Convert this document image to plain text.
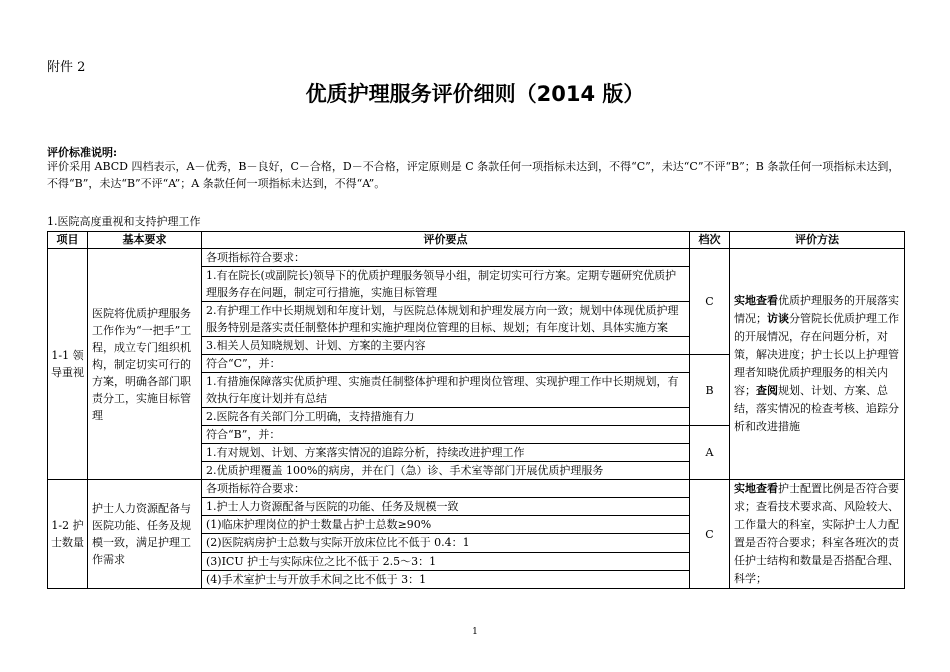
附件 2
优质护理服务评价细则（2014 版）
评价标准说明:
评价采用 ABCD 四档表示，A－优秀，B－良好，C－合格，D－不合格，评定原则是 C 条款任何一项指标未达到，不得“C”，未达“C”不评“B”；B 条款任何一项指标未达到，不得“B”，未达“B”不评“A”；A 条款任何一项指标未达到，不得“A”。
1.医院高度重视和支持护理工作
项目	基本要求	评价要点	档次	评价方法
1-1 领导重视	医院将优质护理服务工作作为“一把手”工程，成立专门组织机构，制定切实可行的方案，明确各部门职责分工，实施目标管理	各项指标符合要求：	C	实地查看优质护理服务的开展落实情况；访谈分管院长优质护理工作的开展情况，存在问题分析，对策，解决进度；护士长以上护理管理者知晓优质护理服务的相关内容；查阅规划、计划、方案、总结，落实情况的检查考核、追踪分析和改进措施
		1.有在院长(或副院长)领导下的优质护理服务领导小组，制定切实可行方案。定期专题研究优质护理服务存在问题，制定可行措施，实施目标管理		
		2.有护理工作中长期规划和年度计划，与医院总体规划和护理发展方向一致；规划中体现优质护理服务特别是落实责任制整体护理和实施护理岗位管理的目标、规划；有年度计划、具体实施方案		
		3.相关人员知晓规划、计划、方案的主要内容		
		符合“C”，并：	B	
		1.有措施保障落实优质护理、实施责任制整体护理和护理岗位管理、实现护理工作中长期规划，有效执行年度计划并有总结		
		2.医院各有关部门分工明确，支持措施有力		
		符合“B”，并：	A	
		1.有对规划、计划、方案落实情况的追踪分析，持续改进护理工作		
		2.优质护理覆盖 100%的病房，并在门（急）诊、手术室等部门开展优质护理服务		
1-2 护士数量	护士人力资源配备与医院功能、任务及规模一致，满足护理工作需求	各项指标符合要求：	C	实地查看护士配置比例是否符合要求；查看技术要求高、风险较大、工作量大的科室，实际护士人力配置是否符合要求；科室各班次的责任护士结构和数量是否搭配合理、科学；
		1.护士人力资源配备与医院的功能、任务及规模一致		
		(1)临床护理岗位的护士数量占护士总数≥90%		
		(2)医院病房护士总数与实际开放床位比不低于 0.4：1		
		(3)ICU 护士与实际床位之比不低于 2.5～3：1		
		(4)手术室护士与开放手术间之比不低于 3：1		
1
